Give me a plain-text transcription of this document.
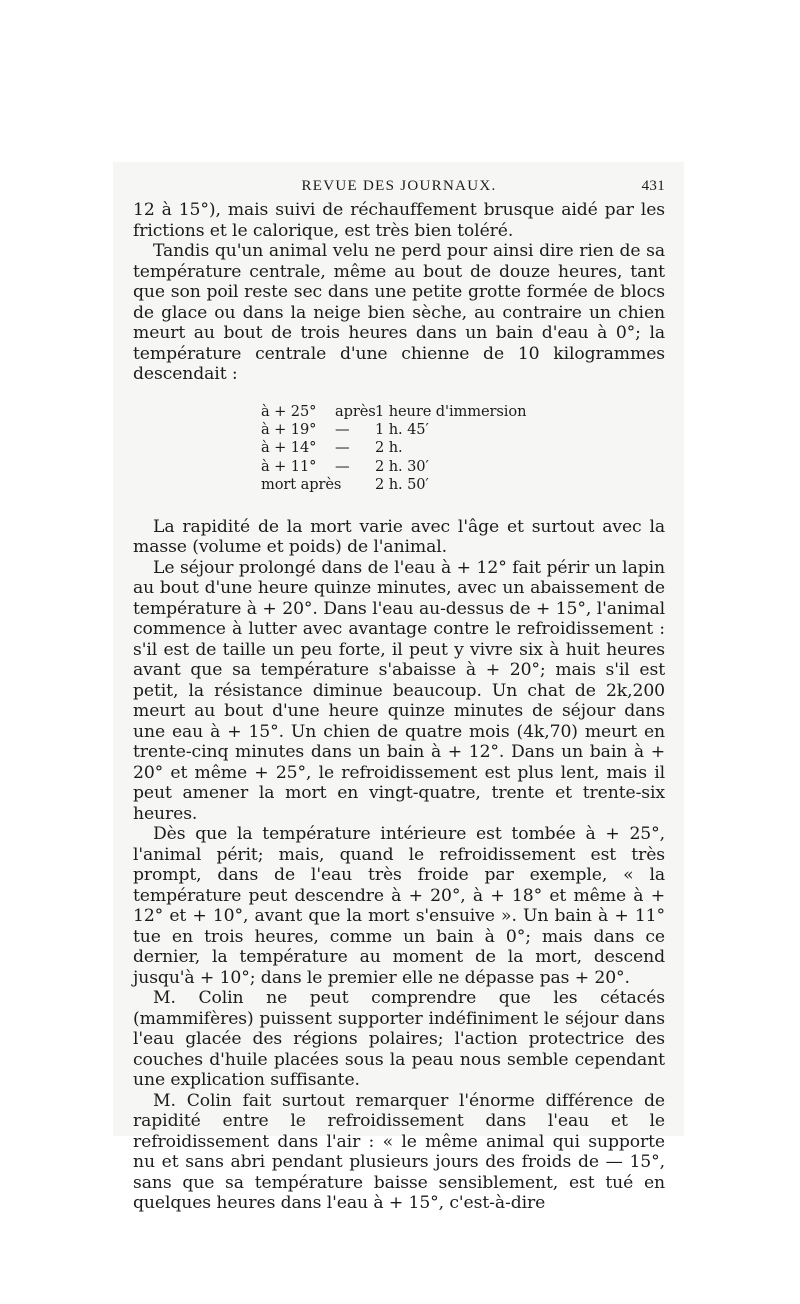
REVUE DES JOURNAUX.	431

12 à 15°), mais suivi de réchauffement brusque aidé par les frictions et le calorique, est très bien toléré.

Tandis qu'un animal velu ne perd pour ainsi dire rien de sa température centrale, même au bout de douze heures, tant que son poil reste sec dans une petite grotte formée de blocs de glace ou dans la neige bien sèche, au contraire un chien meurt au bout de trois heures dans un bain d'eau à 0°; la température centrale d'une chienne de 10 kilogrammes descendait :

à + 25°	après 1 heure d'immersion
à + 19°	—	1 h. 45′
à + 14°	—	2 h.
à + 11°	—	2 h. 30′
mort après	2 h. 50′

La rapidité de la mort varie avec l'âge et surtout avec la masse (volume et poids) de l'animal.

Le séjour prolongé dans de l'eau à + 12° fait périr un lapin au bout d'une heure quinze minutes, avec un abaissement de température à + 20°. Dans l'eau au-dessus de + 15°, l'animal commence à lutter avec avantage contre le refroidissement : s'il est de taille un peu forte, il peut y vivre six à huit heures avant que sa température s'abaisse à + 20°; mais s'il est petit, la résistance diminue beaucoup. Un chat de 2k,200 meurt au bout d'une heure quinze minutes de séjour dans une eau à + 15°. Un chien de quatre mois (4k,70) meurt en trente-cinq minutes dans un bain à + 12°. Dans un bain à + 20° et même + 25°, le refroidissement est plus lent, mais il peut amener la mort en vingt-quatre, trente et trente-six heures.

Dès que la température intérieure est tombée à + 25°, l'animal périt; mais, quand le refroidissement est très prompt, dans de l'eau très froide par exemple, « la température peut descendre à + 20°, à + 18° et même à + 12° et + 10°, avant que la mort s'ensuive ». Un bain à + 11° tue en trois heures, comme un bain à 0°; mais dans ce dernier, la température au moment de la mort, descend jusqu'à + 10°; dans le premier elle ne dépasse pas + 20°.

M. Colin ne peut comprendre que les cétacés (mammifères) puissent supporter indéfiniment le séjour dans l'eau glacée des régions polaires; l'action protectrice des couches d'huile placées sous la peau nous semble cependant une explication suffisante.

M. Colin fait surtout remarquer l'énorme différence de rapidité entre le refroidissement dans l'eau et le refroidissement dans l'air : « le même animal qui supporte nu et sans abri pendant plusieurs jours des froids de — 15°, sans que sa température baisse sensiblement, est tué en quelques heures dans l'eau à + 15°, c'est-à-dire
